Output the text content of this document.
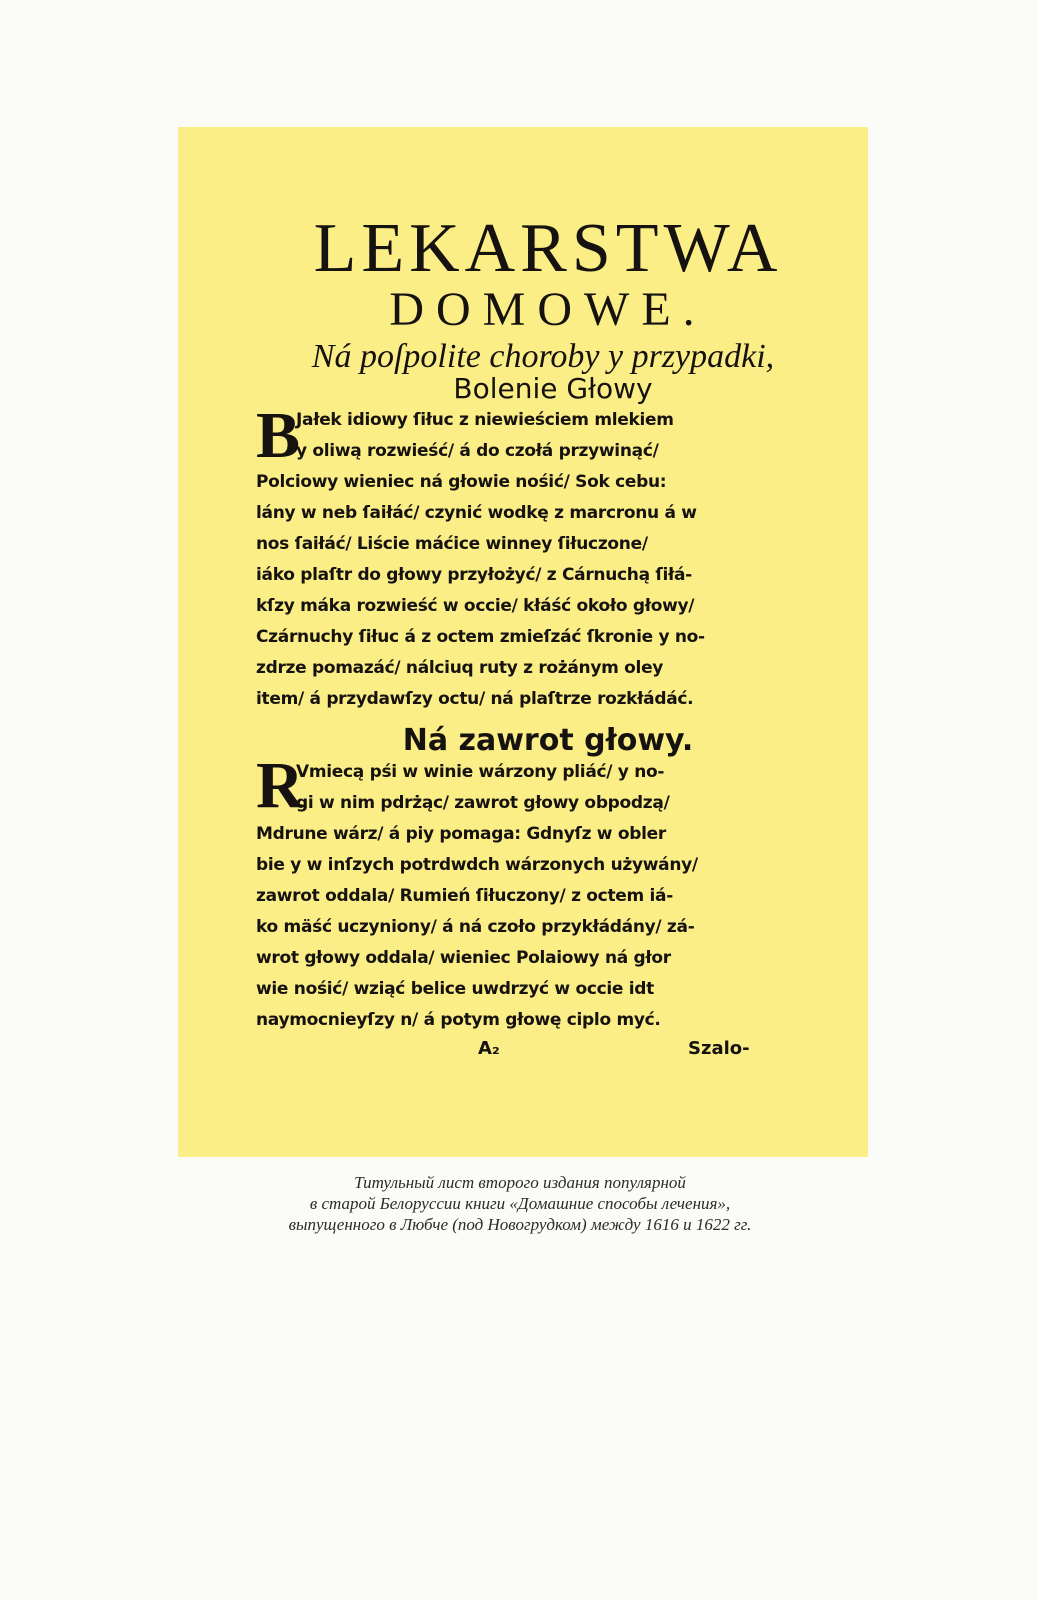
LEKARSTWA

DOMOWE.

Ná poſpolite choroby y przypadki,

Bolenie Głowy

B

Jałek idiowy ſiłuc z niewieściem mlekiem
y oliwą rozwieść/ á do czołá przywinąć/
Polciowy wieniec ná głowie nośić/ Sok cebu:
lány w neb ſaiłáć/ czynić wodkę z marcronu á w
nos ſaiłáć/ Liście máćice winney ſiłuczone/
iáko plaſtr do głowy przyłożyć/ z Cárnuchą ſiłá-
kſzy máka rozwieść w occie/ kłáść około głowy/
Czárnuchy ſiłuc á z octem zmieſzáć ſkronie y no-
zdrze pomazáć/ nálciuq ruty z rożánym oley
item/ á przydawſzy octu/ ná plaſtrze rozkłádáć.

Ná zawrot głowy.

R

Vmiecą pśi w winie wárzony pliáć/ y no-
gi w nim pdrżąc/ zawrot głowy obpodzą/
Mdrune wárz/ á piy pomaga: Gdnyſz w obler
bie y w inſzych potrdwdch wárzonych używány/
zawrot oddala/ Rumień ſiłuczony/ z octem iá-
ko mäść uczyniony/ á ná czoło przykłádány/ zá-
wrot głowy oddala/ wieniec Polaiowy ná głor
wie nośić/ wziąć belice uwdrzyć w occie idt
naymocnieyſzy n/ á potym głowę ciplo myć.

A₂	Szalo-

Титульный лист второго издания популярной
в старой Белоруссии книги «Домашние способы лечения»,
выпущенного в Любче (под Новогрудком) между 1616 и 1622 гг.
